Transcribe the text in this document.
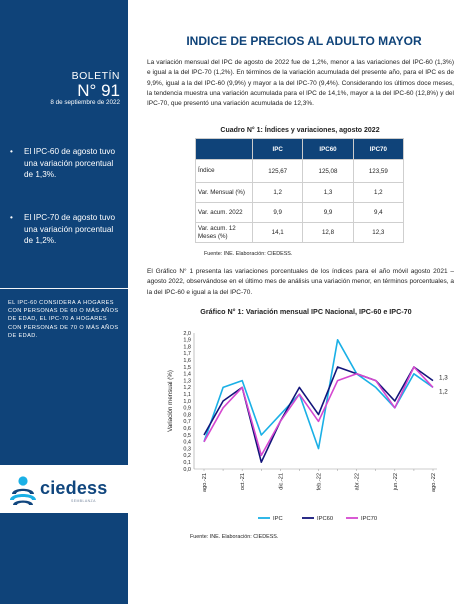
BOLETÍN
N° 91
8 de septiembre de 2022
• El IPC-60 de agosto tuvo una variación porcentual de 1,3%.
• El IPC-70 de agosto tuvo una variación porcentual de 1,2%.
EL IPC-60 CONSIDERA A HOGARES CON PERSONAS DE 60 O MÁS AÑOS DE EDAD, EL IPC-70 A HOGARES CON PERSONAS DE 70 O MÁS AÑOS DE EDAD.
ciedess
SEMBLANZA
INDICE DE PRECIOS AL ADULTO MAYOR
La variación mensual del IPC de agosto de 2022 fue de 1,2%, menor a las variaciones del IPC-60 (1,3%) e igual a la del IPC-70 (1,2%). En términos de la variación acumulada del presente año, para el IPC es de 9,9%, igual a la del IPC-60 (9,9%) y mayor a la del IPC-70 (9,4%). Considerando los últimos doce meses, la tendencia muestra una variación acumulada para el IPC de 14,1%, mayor a la del IPC-60 (12,8%) y del IPC-70, que presentó una variación acumulada de 12,3%.
Cuadro N° 1: Índices y variaciones, agosto 2022
	IPC	IPC60	IPC70
Índice	125,67	125,08	123,59
Var. Mensual (%)	1,2	1,3	1,2
Var. acum. 2022	9,9	9,9	9,4
Var. acum. 12 Meses (%)	14,1	12,8	12,3
Fuente: INE. Elaboración: CIEDESS.
El Gráfico N° 1 presenta las variaciones porcentuales de los índices para el año móvil agosto 2021 – agosto 2022, observándose en el último mes de análisis una variación menor, en términos porcentuales, a la del IPC-60 e igual a la del IPC-70.
Gráfico N° 1: Variación mensual IPC Nacional, IPC-60 e IPC-70
0,0
0,1
0,2
0,3
0,4
0,5
0,6
0,7
0,8
0,9
1,0
1,1
1,2
1,3
1,4
1,5
1,6
1,7
1,8
1,9
2,0
Variación mensual (%)
ago.-21	oct.-21	dic.-21	feb.-22	abr.-22	jun.-22	ago.-22
1,3
1,2
IPC	IPC60	IPC70
Fuente: INE. Elaboración: CIEDESS.
